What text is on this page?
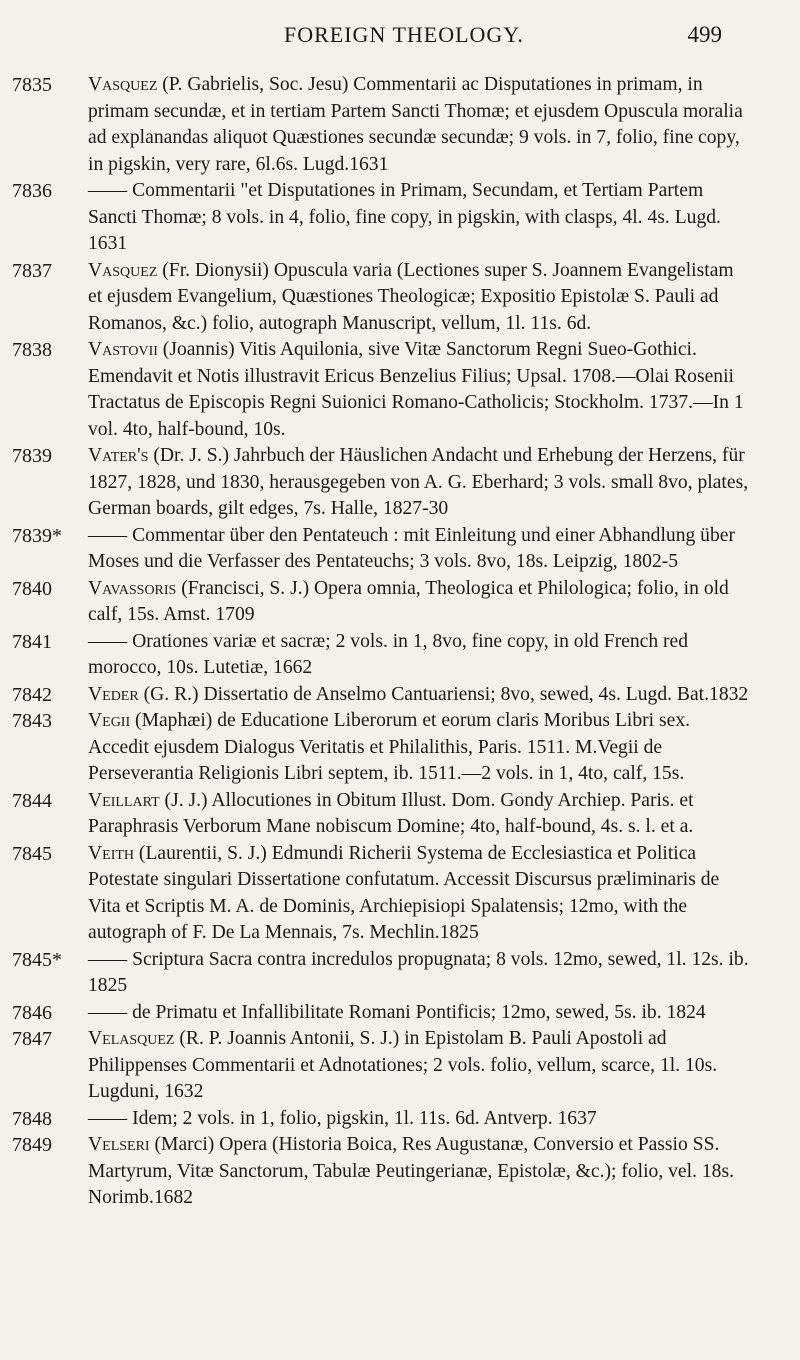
FOREIGN THEOLOGY.	499
7835 Vasquez (P. Gabrielis, Soc. Jesu) Commentarii ac Disputationes in primam, in primam secundæ, et in tertiam Partem Sancti Thomæ; et ejusdem Opuscula moralia ad explanandas aliquot Quæstiones secundæ secundæ; 9 vols. in 7, folio, fine copy, in pigskin, very rare, 6l.6s. Lugd.1631
7836 —— Commentarii "et Disputationes in Primam, Secundam, et Tertiam Partem Sancti Thomæ; 8 vols. in 4, folio, fine copy, in pigskin, with clasps, 4l. 4s. Lugd. 1631
7837 Vasquez (Fr. Dionysii) Opuscula varia (Lectiones super S. Joannem Evangelistam et ejusdem Evangelium, Quæstiones Theologicæ; Expositio Epistolæ S. Pauli ad Romanos, &c.) folio, autograph Manuscript, vellum, 1l. 11s. 6d.
7838 Vastovii (Joannis) Vitis Aquilonia, sive Vitæ Sanctorum Regni Sueo-Gothici. Emendavit et Notis illustravit Ericus Benzelius Filius; Upsal. 1708.—Olai Rosenii Tractatus de Episcopis Regni Suionici Romano-Catholicis; Stockholm. 1737.—In 1 vol. 4to, half-bound, 10s.
7839 Vater's (Dr. J. S.) Jahrbuch der Häuslichen Andacht und Erhebung der Herzens, für 1827, 1828, und 1830, herausgegeben von A. G. Eberhard; 3 vols. small 8vo, plates, German boards, gilt edges, 7s. Halle, 1827-30
7839* —— Commentar über den Pentateuch : mit Einleitung und einer Abhandlung über Moses und die Verfasser des Pentateuchs; 3 vols. 8vo, 18s. Leipzig, 1802-5
7840 Vavassoris (Francisci, S. J.) Opera omnia, Theologica et Philologica; folio, in old calf, 15s. Amst. 1709
7841 —— Orationes variæ et sacræ; 2 vols. in 1, 8vo, fine copy, in old French red morocco, 10s. Lutetiæ, 1662
7842 Veder (G. R.) Dissertatio de Anselmo Cantuariensi; 8vo, sewed, 4s. Lugd. Bat.1832
7843 Vegii (Maphæi) de Educatione Liberorum et eorum claris Moribus Libri sex. Accedit ejusdem Dialogus Veritatis et Philalithis, Paris. 1511. M.Vegii de Perseverantia Religionis Libri septem, ib. 1511.—2 vols. in 1, 4to, calf, 15s.
7844 Veillart (J. J.) Allocutiones in Obitum Illust. Dom. Gondy Archiep. Paris. et Paraphrasis Verborum Mane nobiscum Domine; 4to, half-bound, 4s. s. l. et a.
7845 Veith (Laurentii, S. J.) Edmundi Richerii Systema de Ecclesiastica et Politica Potestate singulari Dissertatione confutatum. Accessit Discursus præliminaris de Vita et Scriptis M. A. de Dominis, Archiepisiopi Spalatensis; 12mo, with the autograph of F. De La Mennais, 7s. Mechlin.1825
7845* —— Scriptura Sacra contra incredulos propugnata; 8 vols. 12mo, sewed, 1l. 12s. ib. 1825
7846 —— de Primatu et Infallibilitate Romani Pontificis; 12mo, sewed, 5s. ib. 1824
7847 Velasquez (R. P. Joannis Antonii, S. J.) in Epistolam B. Pauli Apostoli ad Philippenses Commentarii et Adnotationes; 2 vols. folio, vellum, scarce, 1l. 10s. Lugduni, 1632
7848 —— Idem; 2 vols. in 1, folio, pigskin, 1l. 11s. 6d. Antverp. 1637
7849 Velseri (Marci) Opera (Historia Boica, Res Augustanæ, Conversio et Passio SS. Martyrum, Vitæ Sanctorum, Tabulæ Peutingerianæ, Epistolæ, &c.); folio, vel. 18s. Norimb.1682
